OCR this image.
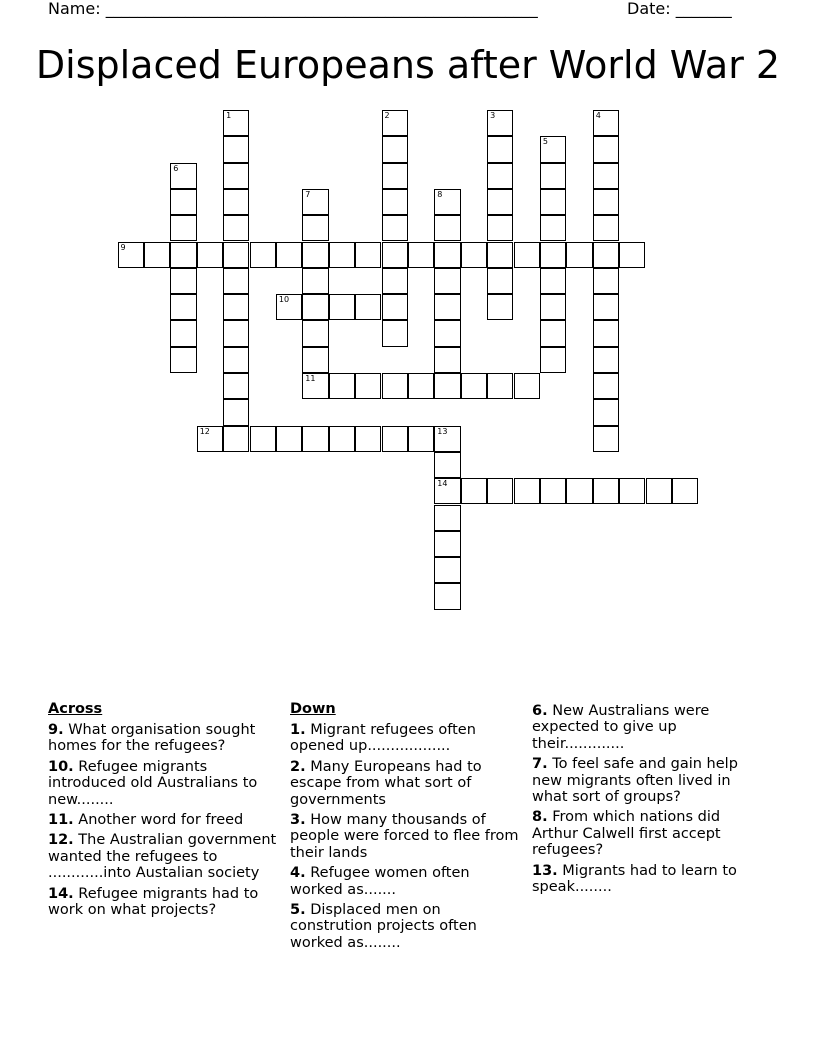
Name: ______________________________________________________	Date: _______
Displaced Europeans after World War 2
1	2	3	4
5
6
7
11
8
9
10
12	13
14
Across
9. What organisation sought homes for the refugees?
10. Refugee migrants introduced old Australians to new........
11. Another word for freed
12. The Australian government wanted the refugees to ............into Austalian society
14. Refugee migrants had to work on what projects?
Down
1. Migrant refugees often opened up..................
2. Many Europeans had to escape from what sort of governments
3. How many thousands of people were forced to flee from their lands
4. Refugee women often worked as.......
5. Displaced men on constrution projects often worked as........
6. New Australians were expected to give up their.............
7. To feel safe and gain help new migrants often lived in what sort of groups?
8. From which nations did Arthur Calwell first accept refugees?
13. Migrants had to learn to speak........
